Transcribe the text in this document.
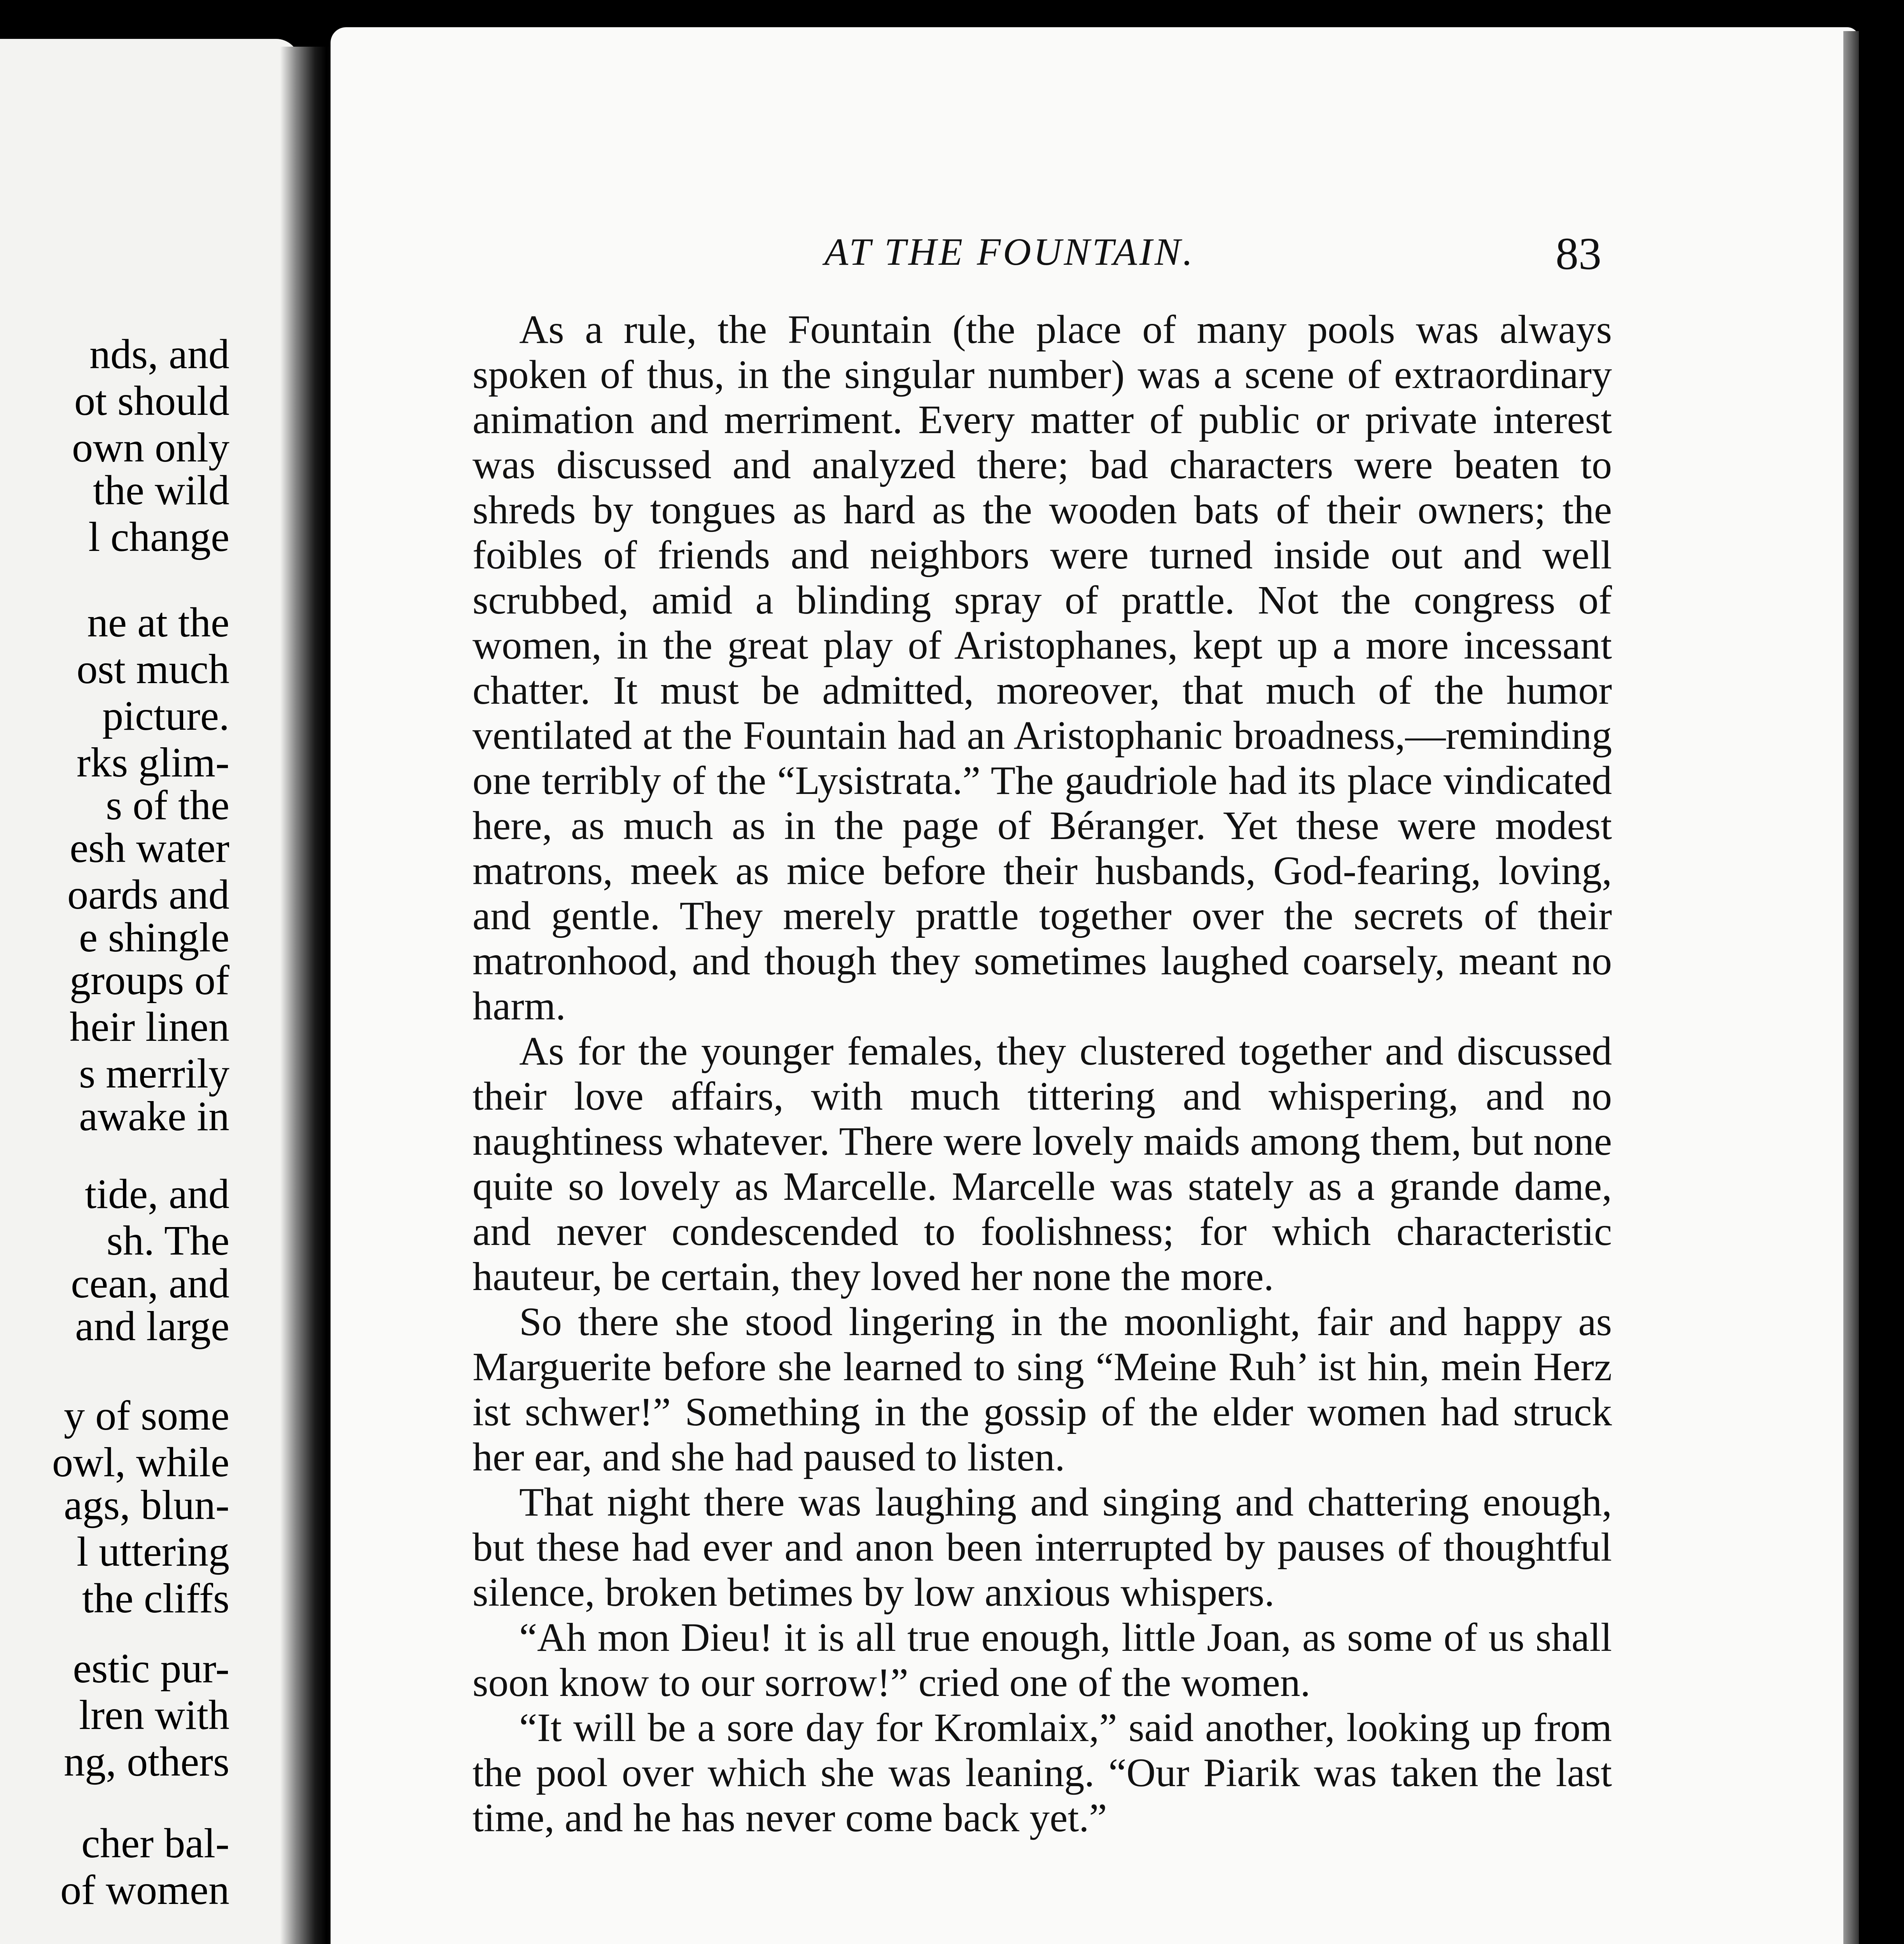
nds, and
ot should
own only
the wild
l change
ne at the
ost much
picture.
rks glim-
s of the
esh water
oards and
e shingle
groups of
heir linen
s merrily
awake in
tide, and
sh. The
cean, and
and large
y of some
owl, while
ags, blun-
l uttering
the cliffs
estic pur-
lren with
ng, others
cher bal-
of women
AT THE FOUNTAIN.	83

As a rule, the Fountain (the place of many pools was always spoken of thus, in the singular number) was a scene of extraordinary animation and merriment. Every matter of public or private interest was discussed and analyzed there; bad characters were beaten to shreds by tongues as hard as the wooden bats of their owners; the foibles of friends and neighbors were turned inside out and well scrubbed, amid a blinding spray of prattle. Not the congress of women, in the great play of Aristophanes, kept up a more incessant chatter. It must be admitted, moreover, that much of the humor ventilated at the Fountain had an Aristophanic broadness,—reminding one terribly of the “Lysistrata.” The gaudriole had its place vindicated here, as much as in the page of Béranger. Yet these were modest matrons, meek as mice before their husbands, God-fearing, loving, and gentle. They merely prattle together over the secrets of their matronhood, and though they sometimes laughed coarsely, meant no harm.

As for the younger females, they clustered together and discussed their love affairs, with much tittering and whispering, and no naughtiness whatever. There were lovely maids among them, but none quite so lovely as Marcelle. Marcelle was stately as a grande dame, and never condescended to foolishness; for which characteristic hauteur, be certain, they loved her none the more.

So there she stood lingering in the moonlight, fair and happy as Marguerite before she learned to sing “Meine Ruh’ ist hin, mein Herz ist schwer!” Something in the gossip of the elder women had struck her ear, and she had paused to listen.

That night there was laughing and singing and chattering enough, but these had ever and anon been interrupted by pauses of thoughtful silence, broken betimes by low anxious whispers.

“Ah mon Dieu! it is all true enough, little Joan, as some of us shall soon know to our sorrow!” cried one of the women.

“It will be a sore day for Kromlaix,” said another, looking up from the pool over which she was leaning. “Our Piarik was taken the last time, and he has never come back yet.”
